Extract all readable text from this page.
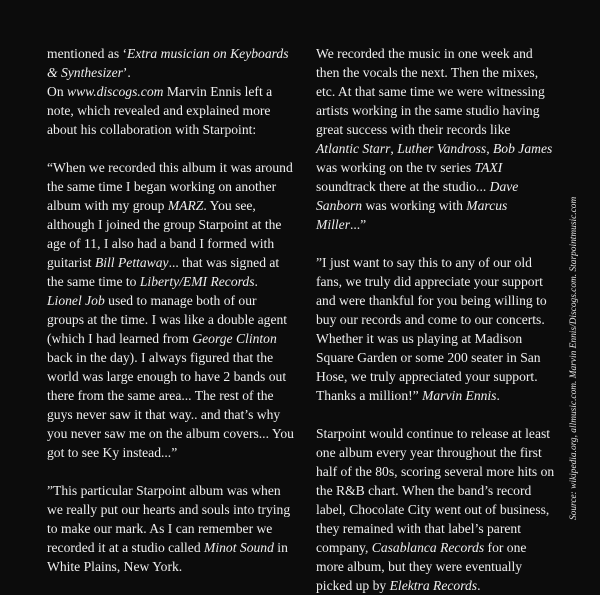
mentioned as ‘Extra musician on Keyboards & Synthesizer’.
On www.discogs.com Marvin Ennis left a note, which revealed and explained more about his collaboration with Starpoint:

“When we recorded this album it was around the same time I began working on another album with my group MARZ. You see, although I joined the group Starpoint at the age of 11, I also had a band I formed with guitarist Bill Pettaway... that was signed at the same time to Liberty/EMI Records. Lionel Job used to manage both of our groups at the time. I was like a double agent (which I had learned from George Clinton back in the day). I always figured that the world was large enough to have 2 bands out there from the same area... The rest of the guys never saw it that way.. and that’s why you never saw me on the album covers... You got to see Ky instead...”

”This particular Starpoint album was when we really put our hearts and souls into trying to make our mark. As I can remember we recorded it at a studio called Minot Sound in White Plains, New York.

We recorded the music in one week and then the vocals the next. Then the mixes, etc. At that same time we were witnessing artists working in the same studio having great success with their records like Atlantic Starr, Luther Vandross, Bob James was working on the tv series TAXI soundtrack there at the studio... Dave Sanborn was working with Marcus Miller...”

”I just want to say this to any of our old fans, we truly did appreciate your support and were thankful for you being willing to buy our records and come to our concerts. Whether it was us playing at Madison Square Garden or some 200 seater in San Hose, we truly appreciated your support. Thanks a million!” Marvin Ennis.

Starpoint would continue to release at least one album every year throughout the first half of the 80s, scoring several more hits on the R&B chart. When the band’s record label, Chocolate City went out of business, they remained with that label’s parent company, Casablanca Records for one more album, but they were eventually picked up by Elektra Records.

Source: wikipedia.org, allmusic.com. Marvin Ennis/Discogs.com. Starpointmusic.com
